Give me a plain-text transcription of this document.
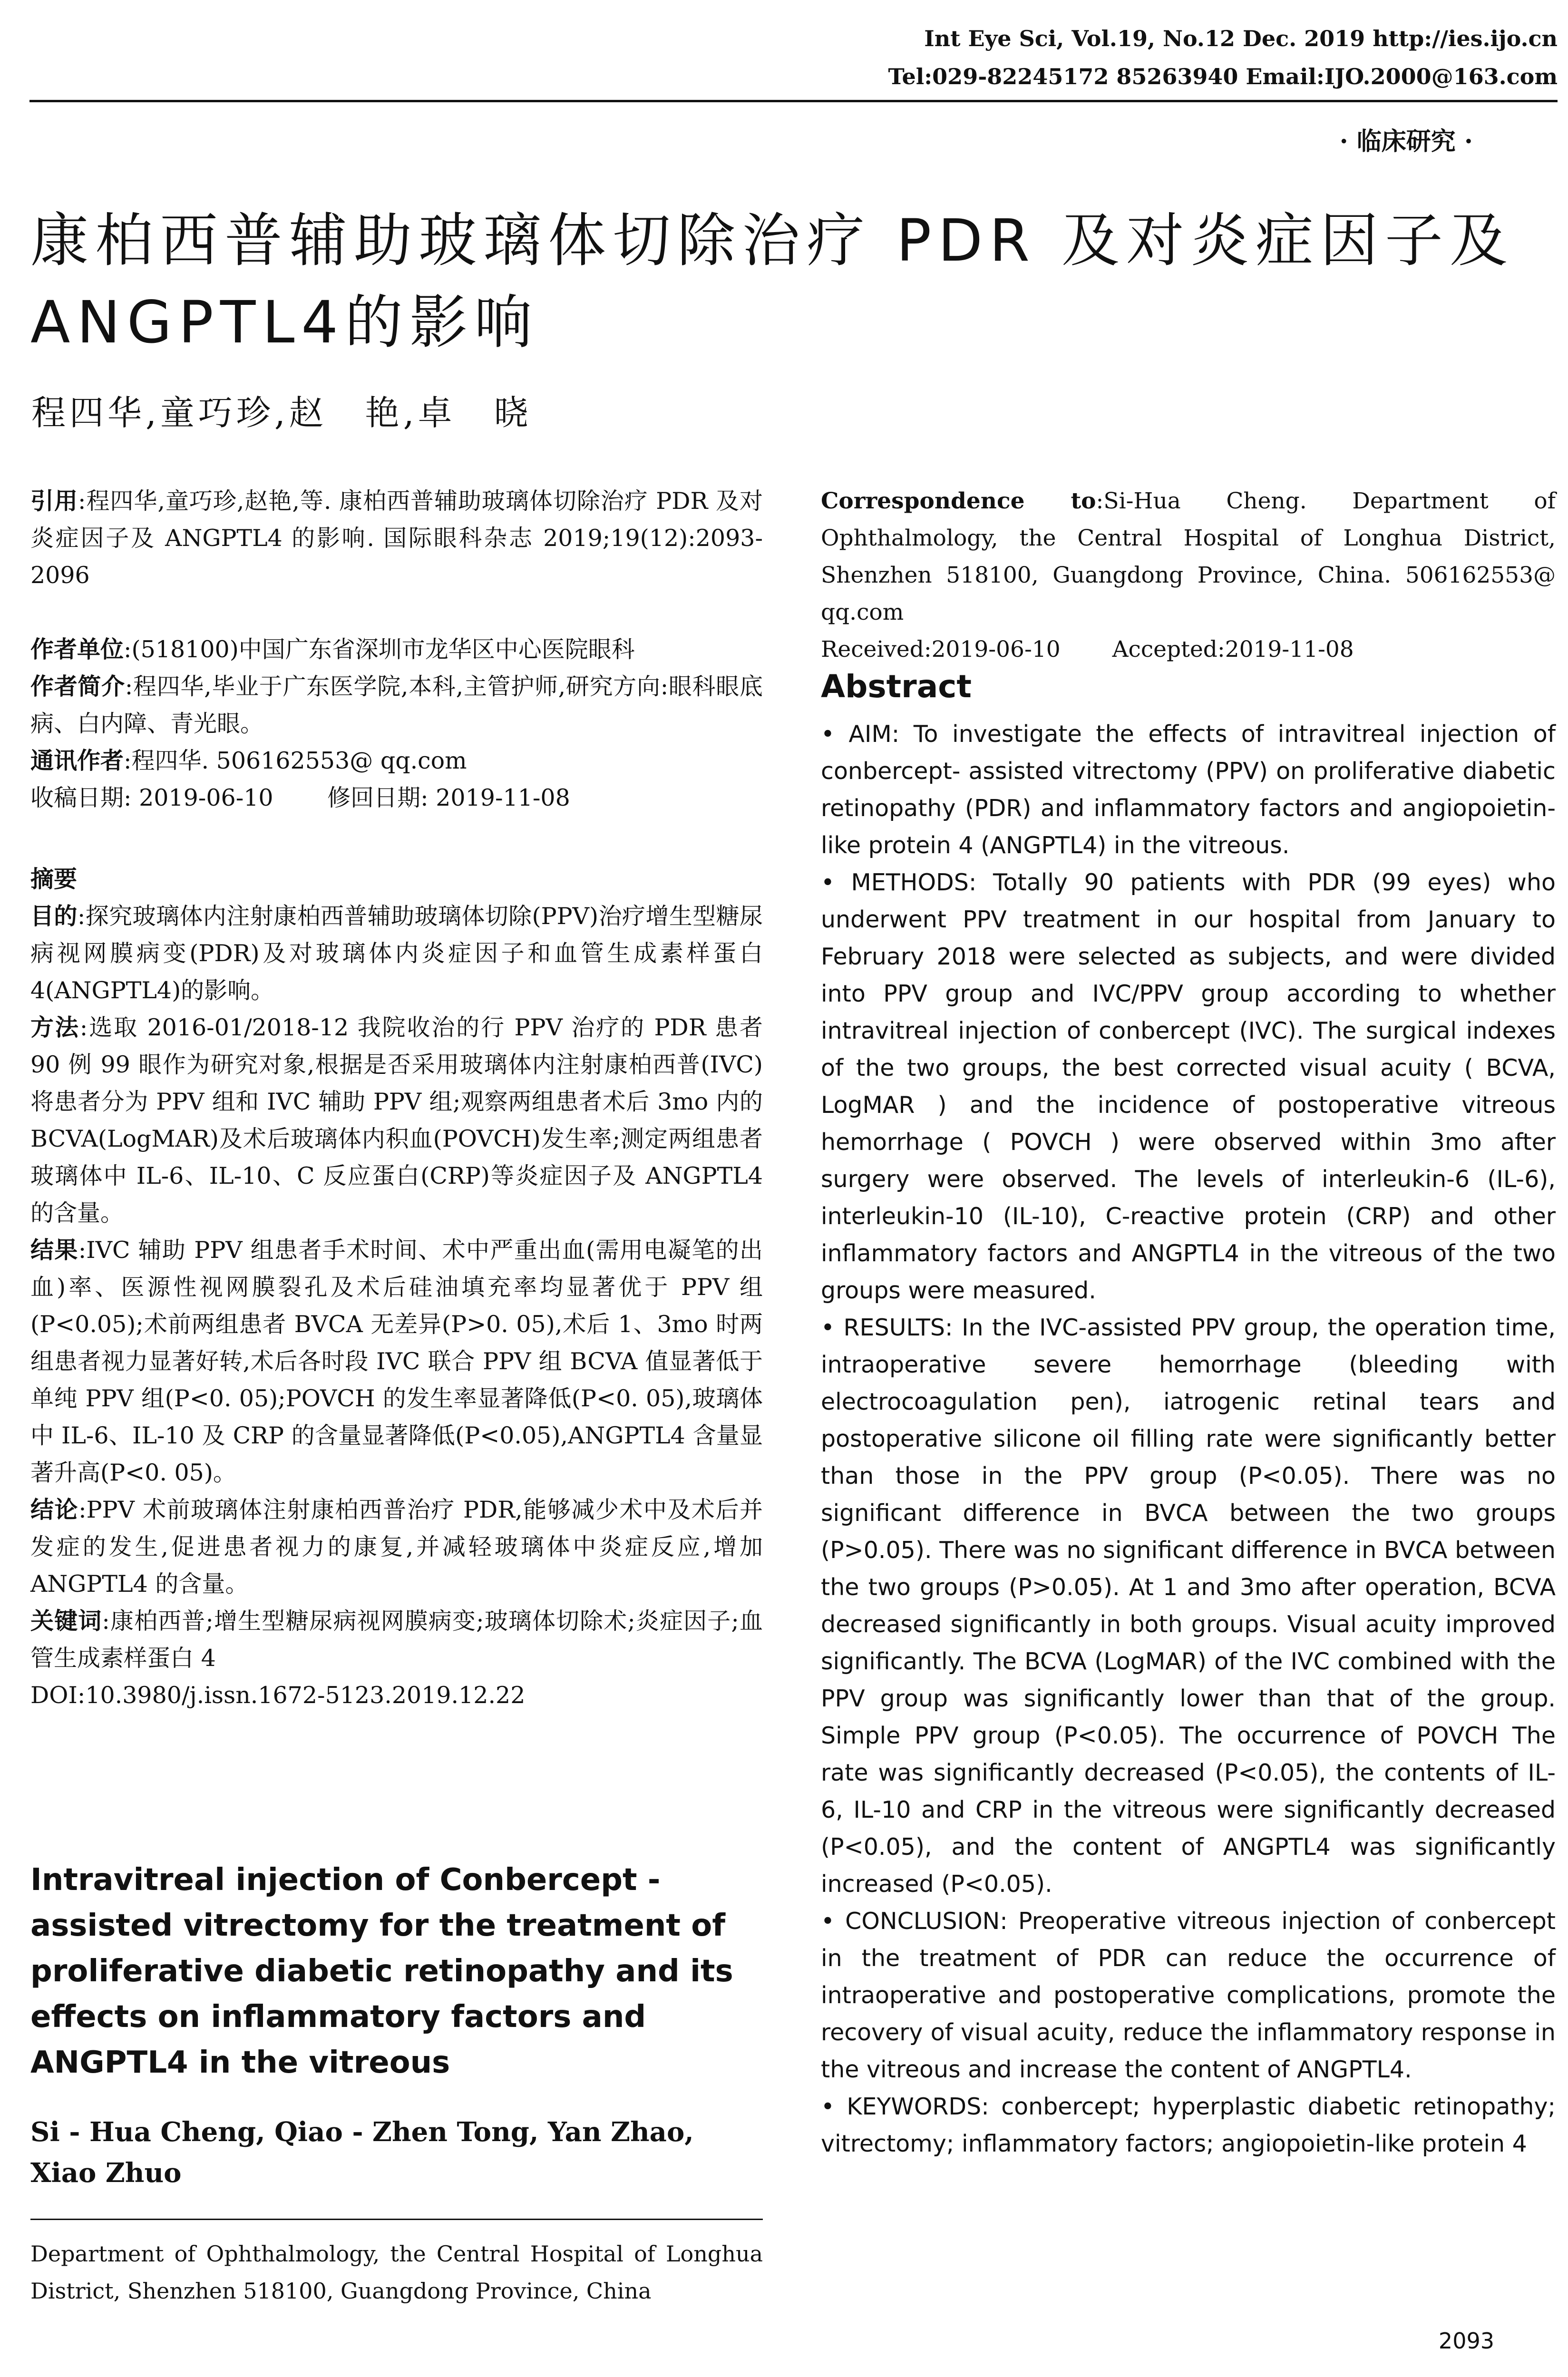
Int Eye Sci, Vol.19, No.12 Dec. 2019 http://ies.ijo.cn
Tel:029-82245172 85263940 Email:IJO.2000@163.com
· 临床研究 ·
康柏西普辅助玻璃体切除治疗 PDR 及对炎症因子及 ANGPTL4的影响
程四华,童巧珍,赵　艳,卓　晓

引用:程四华,童巧珍,赵艳,等. 康柏西普辅助玻璃体切除治疗 PDR 及对炎症因子及 ANGPTL4 的影响. 国际眼科杂志 2019;19(12):2093-2096

作者单位:(518100)中国广东省深圳市龙华区中心医院眼科

作者简介:程四华,毕业于广东医学院,本科,主管护师,研究方向:眼科眼底病、白内障、青光眼。

通讯作者:程四华. 506162553@ qq.com

收稿日期: 2019-06-10　　 修回日期: 2019-11-08

摘要

目的:探究玻璃体内注射康柏西普辅助玻璃体切除(PPV)治疗增生型糖尿病视网膜病变(PDR)及对玻璃体内炎症因子和血管生成素样蛋白 4(ANGPTL4)的影响。

方法:选取 2016-01/2018-12 我院收治的行 PPV 治疗的 PDR 患者 90 例 99 眼作为研究对象,根据是否采用玻璃体内注射康柏西普(IVC)将患者分为 PPV 组和 IVC 辅助 PPV 组;观察两组患者术后 3mo 内的 BCVA(LogMAR)及术后玻璃体内积血(POVCH)发生率;测定两组患者玻璃体中 IL-6、IL-10、C 反应蛋白(CRP)等炎症因子及 ANGPTL4 的含量。

结果:IVC 辅助 PPV 组患者手术时间、术中严重出血(需用电凝笔的出血)率、医源性视网膜裂孔及术后硅油填充率均显著优于 PPV 组(P<0.05);术前两组患者 BVCA 无差异(P>0. 05),术后 1、3mo 时两组患者视力显著好转,术后各时段 IVC 联合 PPV 组 BCVA 值显著低于单纯 PPV 组(P<0. 05);POVCH 的发生率显著降低(P<0. 05),玻璃体中 IL-6、IL-10 及 CRP 的含量显著降低(P<0.05),ANGPTL4 含量显著升高(P<0. 05)。

结论:PPV 术前玻璃体注射康柏西普治疗 PDR,能够减少术中及术后并发症的发生,促进患者视力的康复,并减轻玻璃体中炎症反应,增加 ANGPTL4 的含量。

关键词:康柏西普;增生型糖尿病视网膜病变;玻璃体切除术;炎症因子;血管生成素样蛋白 4

DOI:10.3980/j.issn.1672-5123.2019.12.22

Intravitreal injection of Conbercept - assisted vitrectomy for the treatment of proliferative diabetic retinopathy and its effects on inflammatory factors and ANGPTL4 in the vitreous
Si - Hua Cheng, Qiao - Zhen Tong, Yan Zhao, Xiao Zhuo
Department of Ophthalmology, the Central Hospital of Longhua District, Shenzhen 518100, Guangdong Province, China

Correspondence to:Si-Hua Cheng. Department of Ophthalmology, the Central Hospital of Longhua District, Shenzhen 518100, Guangdong Province, China. 506162553@ qq.com

Received:2019-06-10　　 Accepted:2019-11-08

Abstract

• AIM: To investigate the effects of intravitreal injection of conbercept- assisted vitrectomy (PPV) on proliferative diabetic retinopathy (PDR) and inflammatory factors and angiopoietin-like protein 4 (ANGPTL4) in the vitreous.

• METHODS: Totally 90 patients with PDR (99 eyes) who underwent PPV treatment in our hospital from January to February 2018 were selected as subjects, and were divided into PPV group and IVC/PPV group according to whether intravitreal injection of conbercept (IVC). The surgical indexes of the two groups, the best corrected visual acuity ( BCVA, LogMAR ) and the incidence of postoperative vitreous hemorrhage ( POVCH ) were observed within 3mo after surgery were observed. The levels of interleukin-6 (IL-6), interleukin-10 (IL-10), C-reactive protein (CRP) and other inflammatory factors and ANGPTL4 in the vitreous of the two groups were measured.

• RESULTS: In the IVC-assisted PPV group, the operation time, intraoperative severe hemorrhage (bleeding with electrocoagulation pen), iatrogenic retinal tears and postoperative silicone oil filling rate were significantly better than those in the PPV group (P<0.05). There was no significant difference in BVCA between the two groups (P>0.05). There was no significant difference in BVCA between the two groups (P>0.05). At 1 and 3mo after operation, BCVA decreased significantly in both groups. Visual acuity improved significantly. The BCVA (LogMAR) of the IVC combined with the PPV group was significantly lower than that of the group. Simple PPV group (P<0.05). The occurrence of POVCH The rate was significantly decreased (P<0.05), the contents of IL-6, IL-10 and CRP in the vitreous were significantly decreased (P<0.05), and the content of ANGPTL4 was significantly increased (P<0.05).

• CONCLUSION: Preoperative vitreous injection of conbercept in the treatment of PDR can reduce the occurrence of intraoperative and postoperative complications, promote the recovery of visual acuity, reduce the inflammatory response in the vitreous and increase the content of ANGPTL4.

• KEYWORDS: conbercept; hyperplastic diabetic retinopathy; vitrectomy; inflammatory factors; angiopoietin-like protein 4

2093
